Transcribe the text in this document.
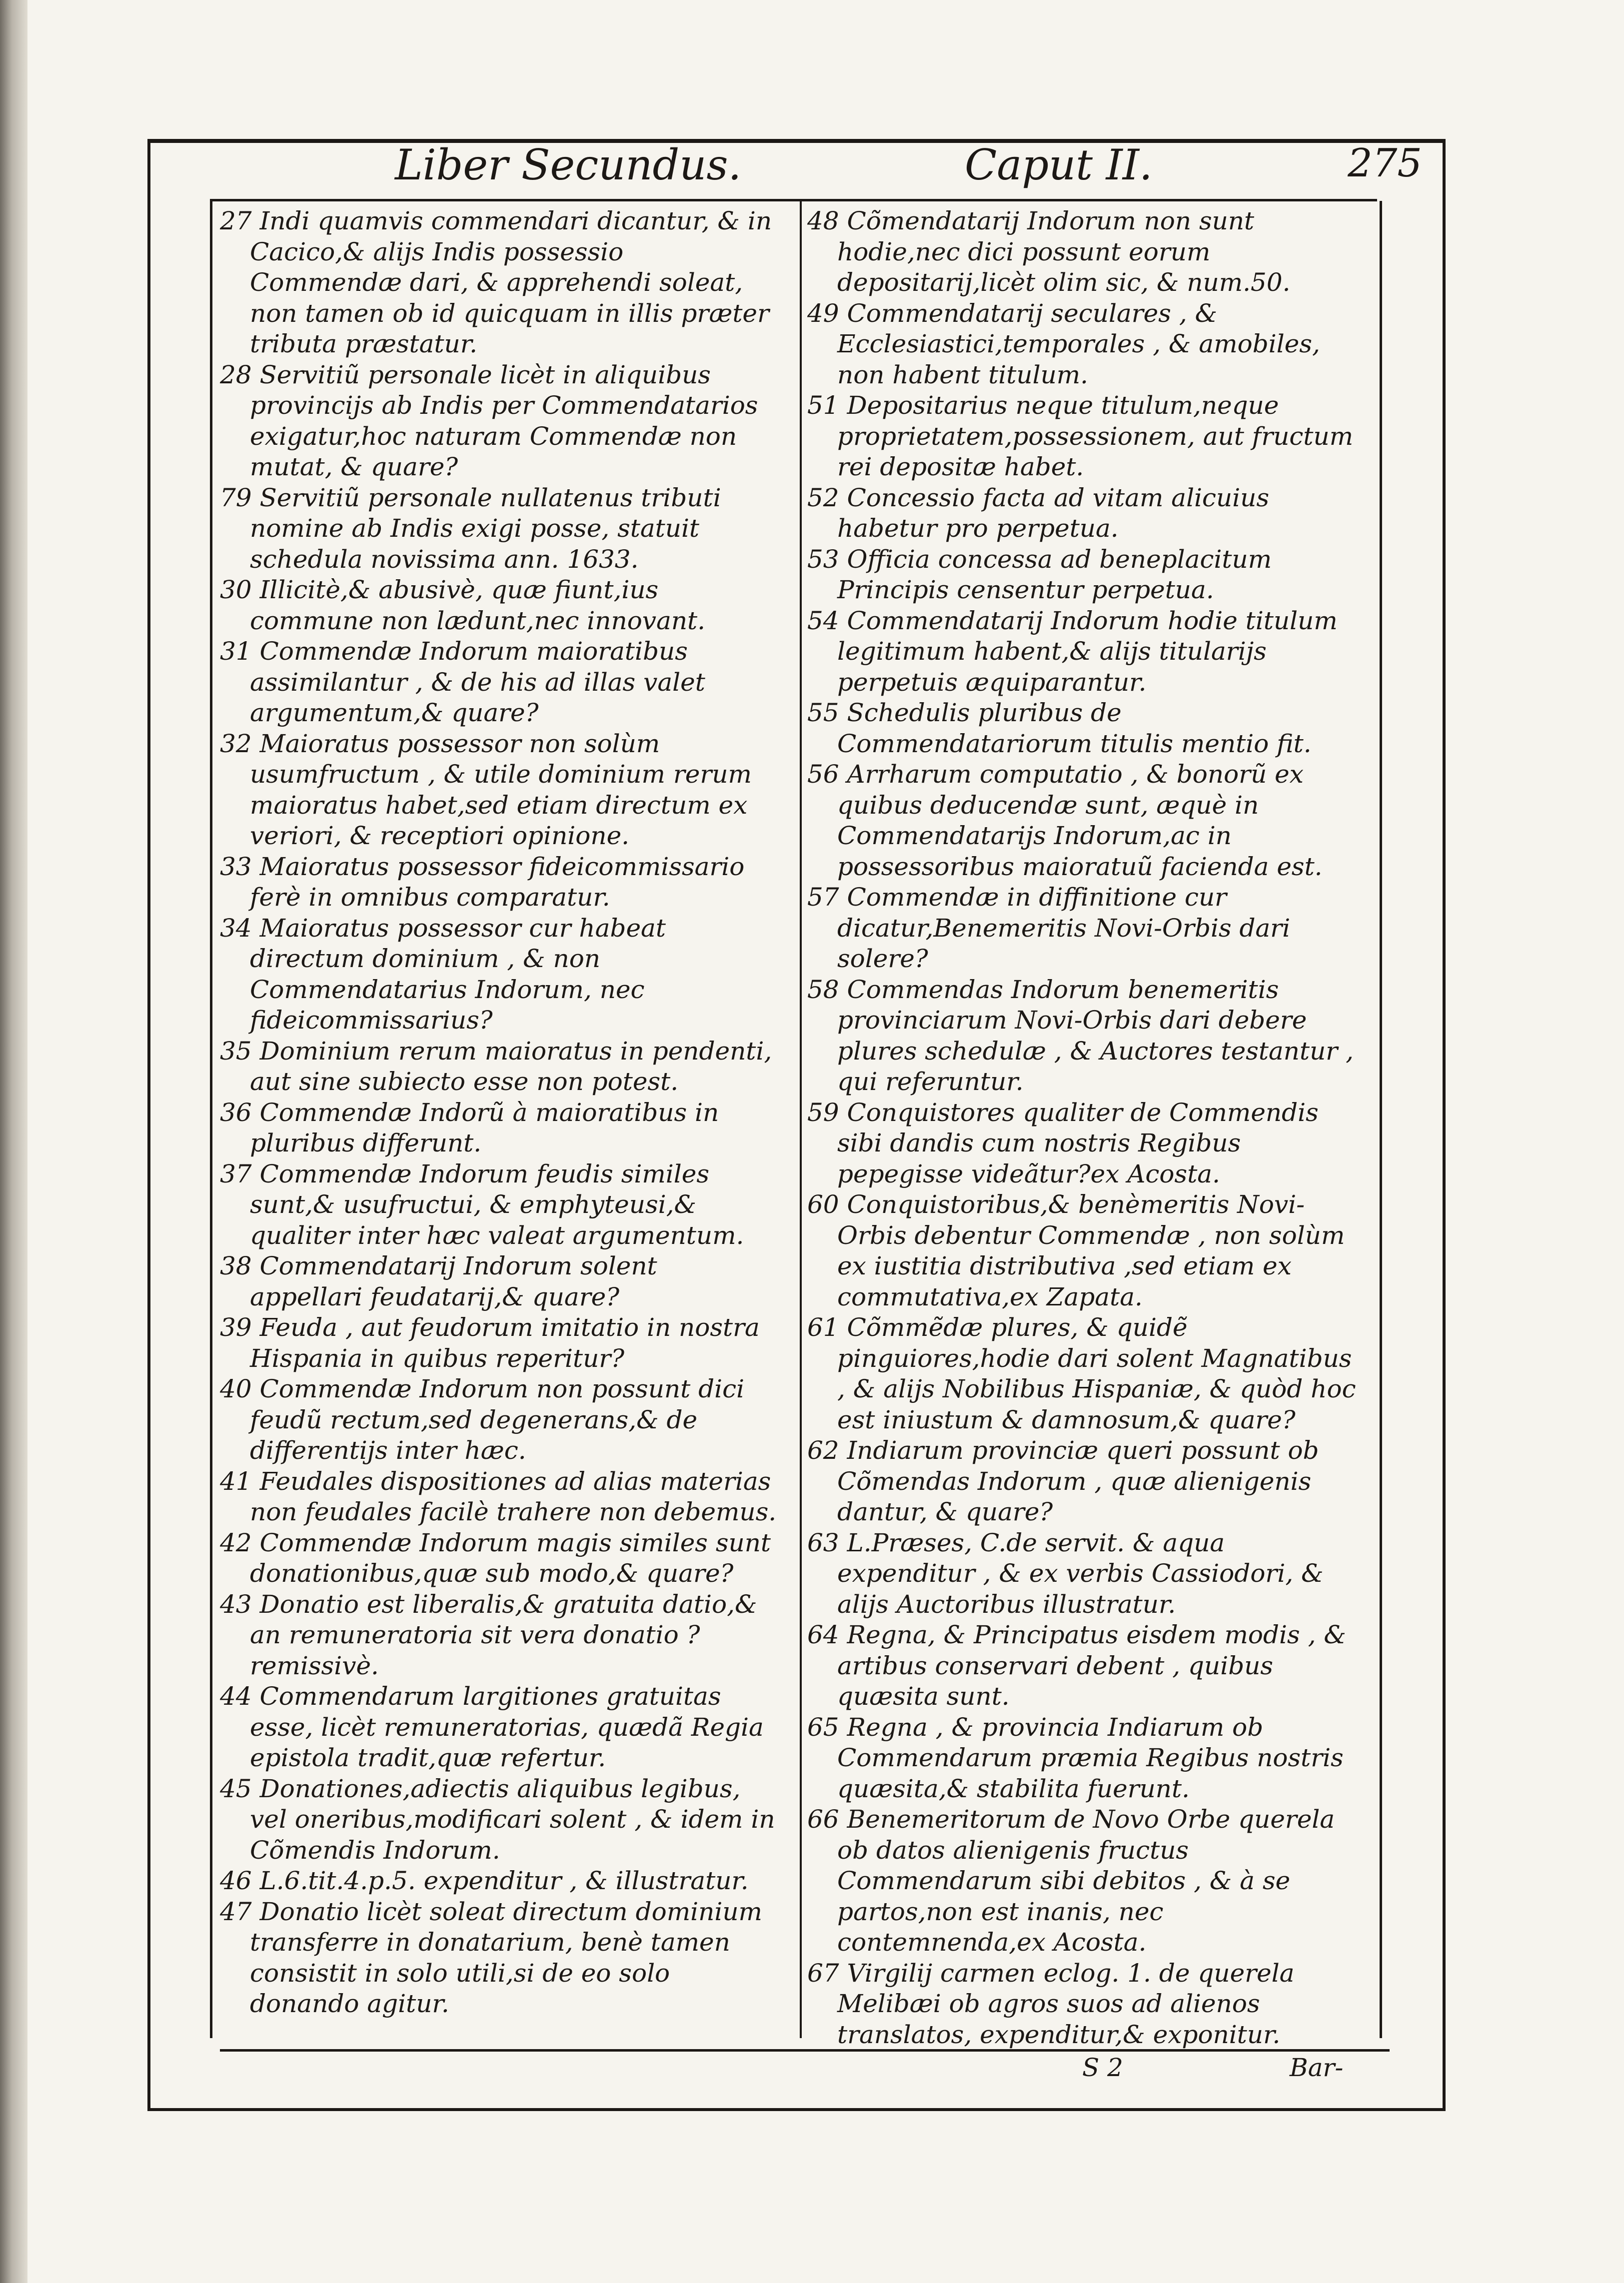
Liber Secundus.	Caput II.	275

27 Indi quamvis commendari dicantur, & in Cacico,& alijs Indis possessio Commendæ dari, & apprehendi soleat, non tamen ob id quicquam in illis præter tributa præstatur.

28 Servitiũ personale licèt in aliquibus provincijs ab Indis per Commendatarios exigatur,hoc naturam Commendæ non mutat, & quare?

79 Servitiũ personale nullatenus tributi nomine ab Indis exigi posse, statuit schedula novissima ann. 1633.

30 Illicitè,& abusivè, quæ fiunt,ius commune non lædunt,nec innovant.

31 Commendæ Indorum maioratibus assimilantur , & de his ad illas valet argumentum,& quare?

32 Maioratus possessor non solùm usumfructum , & utile dominium rerum maioratus habet,sed etiam directum ex veriori, & receptiori opinione.

33 Maioratus possessor fideicommissario ferè in omnibus comparatur.

34 Maioratus possessor cur habeat directum dominium , & non Commendatarius Indorum, nec fideicommissarius?

35 Dominium rerum maioratus in pendenti, aut sine subiecto esse non potest.

36 Commendæ Indorũ à maioratibus in pluribus differunt.

37 Commendæ Indorum feudis similes sunt,& usufructui, & emphyteusi,& qualiter inter hæc valeat argumentum.

38 Commendatarij Indorum solent appellari feudatarij,& quare?

39 Feuda , aut feudorum imitatio in nostra Hispania in quibus reperitur?

40 Commendæ Indorum non possunt dici feudũ rectum,sed degenerans,& de differentijs inter hæc.

41 Feudales dispositiones ad alias materias non feudales facilè trahere non debemus.

42 Commendæ Indorum magis similes sunt donationibus,quæ sub modo,& quare?

43 Donatio est liberalis,& gratuita datio,& an remuneratoria sit vera donatio ? remissivè.

44 Commendarum largitiones gratuitas esse, licèt remuneratorias, quædã Regia epistola tradit,quæ refertur.

45 Donationes,adiectis aliquibus legibus, vel oneribus,modificari solent , & idem in Cõmendis Indorum.

46 L.6.tit.4.p.5. expenditur , & illustratur.

47 Donatio licèt soleat directum dominium transferre in donatarium, benè tamen consistit in solo utili,si de eo solo donando agitur.

48 Cõmendatarij Indorum non sunt hodie,nec dici possunt eorum depositarij,licèt olim sic, & num.50.

49 Commendatarij seculares , & Ecclesiastici,temporales , & amobiles, non habent titulum.

51 Depositarius neque titulum,neque proprietatem,possessionem, aut fructum rei depositæ habet.

52 Concessio facta ad vitam alicuius habetur pro perpetua.

53 Officia concessa ad beneplacitum Principis censentur perpetua.

54 Commendatarij Indorum hodie titulum legitimum habent,& alijs titularijs perpetuis æquiparantur.

55 Schedulis pluribus de Commendatariorum titulis mentio fit.

56 Arrharum computatio , & bonorũ ex quibus deducendæ sunt, æquè in Commendatarijs Indorum,ac in possessoribus maioratuũ facienda est.

57 Commendæ in diffinitione cur dicatur,Benemeritis Novi-Orbis dari solere?

58 Commendas Indorum benemeritis provinciarum Novi-Orbis dari debere plures schedulæ , & Auctores testantur , qui referuntur.

59 Conquistores qualiter de Commendis sibi dandis cum nostris Regibus pepegisse videãtur?ex Acosta.

60 Conquistoribus,& benèmeritis Novi-Orbis debentur Commendæ , non solùm ex iustitia distributiva ,sed etiam ex commutativa,ex Zapata.

61 Cõmmẽdæ plures, & quidẽ pinguiores,hodie dari solent Magnatibus , & alijs Nobilibus Hispaniæ, & quòd hoc est iniustum & damnosum,& quare?

62 Indiarum provinciæ queri possunt ob Cõmendas Indorum , quæ alienigenis dantur, & quare?

63 L.Præses, C.de servit. & aqua expenditur , & ex verbis Cassiodori, & alijs Auctoribus illustratur.

64 Regna, & Principatus eisdem modis , & artibus conservari debent , quibus quæsita sunt.

65 Regna , & provincia Indiarum ob Commendarum præmia Regibus nostris quæsita,& stabilita fuerunt.

66 Benemeritorum de Novo Orbe querela ob datos alienigenis fructus Commendarum sibi debitos , & à se partos,non est inanis, nec contemnenda,ex Acosta.

67 Virgilij carmen eclog. 1. de querela Melibæi ob agros suos ad alienos translatos, expenditur,& exponitur.

S 2	Bar-
